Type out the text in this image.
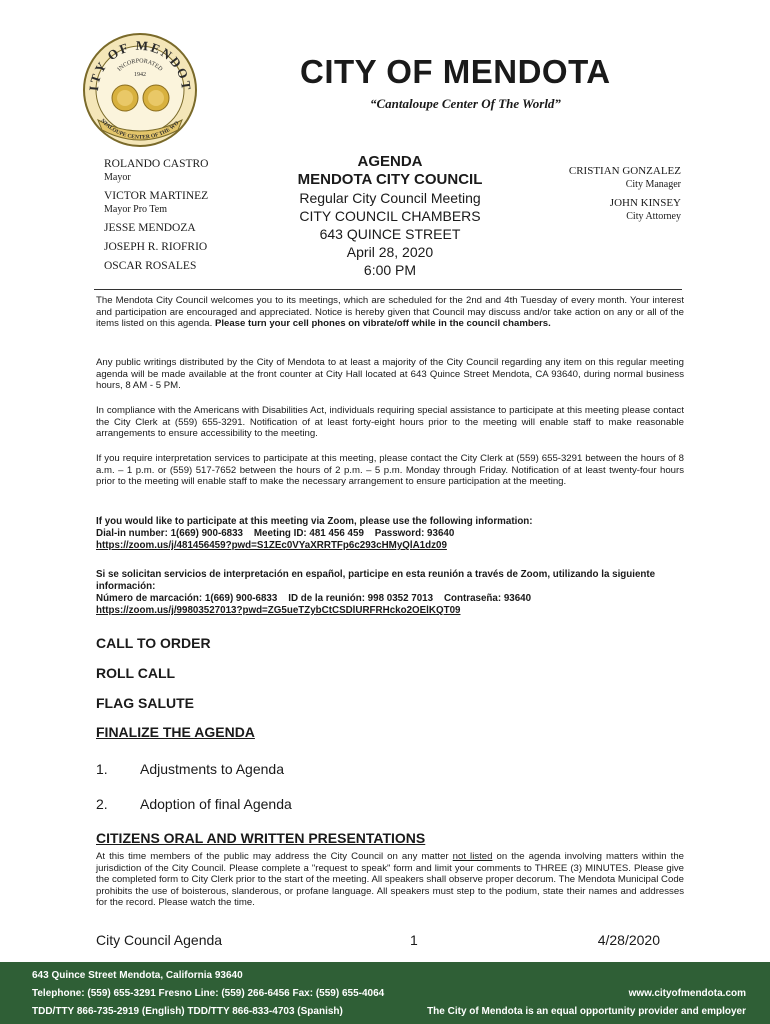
ITY OF MENDOT
INCORPORATED
1942
NTALOUPE CENTER OF THE WO
CITY OF MENDOTA
“Cantaloupe Center Of The World”
ROLANDO CASTRO
Mayor
VICTOR MARTINEZ
Mayor Pro Tem
JESSE MENDOZA
JOSEPH R. RIOFRIO
OSCAR ROSALES
AGENDA
MENDOTA CITY COUNCIL
Regular City Council Meeting
CITY COUNCIL CHAMBERS
643 QUINCE STREET
April 28, 2020
6:00 PM
CRISTIAN GONZALEZ
City Manager
JOHN KINSEY
City Attorney
The Mendota City Council welcomes you to its meetings, which are scheduled for the 2nd and 4th Tuesday of every month. Your interest and participation are encouraged and appreciated. Notice is hereby given that Council may discuss and/or take action on any or all of the items listed on this agenda. Please turn your cell phones on vibrate/off while in the council chambers.
Any public writings distributed by the City of Mendota to at least a majority of the City Council regarding any item on this regular meeting agenda will be made available at the front counter at City Hall located at 643 Quince Street Mendota, CA 93640, during normal business hours, 8 AM - 5 PM.
In compliance with the Americans with Disabilities Act, individuals requiring special assistance to participate at this meeting please contact the City Clerk at (559) 655-3291. Notification of at least forty-eight hours prior to the meeting will enable staff to make reasonable arrangements to ensure accessibility to the meeting.
If you require interpretation services to participate at this meeting, please contact the City Clerk at (559) 655-3291 between the hours of 8 a.m. – 1 p.m. or (559) 517-7652 between the hours of 2 p.m. – 5 p.m. Monday through Friday. Notification of at least twenty-four hours prior to the meeting will enable staff to make the necessary arrangement to ensure participation at the meeting.
If you would like to participate at this meeting via Zoom, please use the following information:
Dial-in number: 1(669) 900-6833    Meeting ID: 481 456 459    Password: 93640
https://zoom.us/j/481456459?pwd=S1ZEc0VYaXRRTFp6c293cHMyQlA1dz09
Si se solicitan servicios de interpretación en español, participe en esta reunión a través de Zoom, utilizando la siguiente información:
Número de marcación: 1(669) 900-6833    ID de la reunión: 998 0352 7013    Contraseña: 93640
https://zoom.us/j/99803527013?pwd=ZG5ueTZybCtCSDlURFRHcko2OElKQT09
CALL TO ORDER
ROLL CALL
FLAG SALUTE
FINALIZE THE AGENDA
1. Adjustments to Agenda
2. Adoption of final Agenda
CITIZENS ORAL AND WRITTEN PRESENTATIONS
At this time members of the public may address the City Council on any matter not listed on the agenda involving matters within the jurisdiction of the City Council. Please complete a "request to speak" form and limit your comments to THREE (3) MINUTES. Please give the completed form to City Clerk prior to the start of the meeting. All speakers shall observe proper decorum. The Mendota Municipal Code prohibits the use of boisterous, slanderous, or profane language. All speakers must step to the podium, state their names and addresses for the record. Please watch the time.
City Council Agenda	1	4/28/2020
643 Quince Street Mendota, California 93640
Telephone: (559) 655-3291 Fresno Line: (559) 266-6456 Fax: (559) 655-4064
TDD/TTY 866-735-2919 (English) TDD/TTY 866-833-4703 (Spanish)
www.cityofmendota.com
The City of Mendota is an equal opportunity provider and employer
